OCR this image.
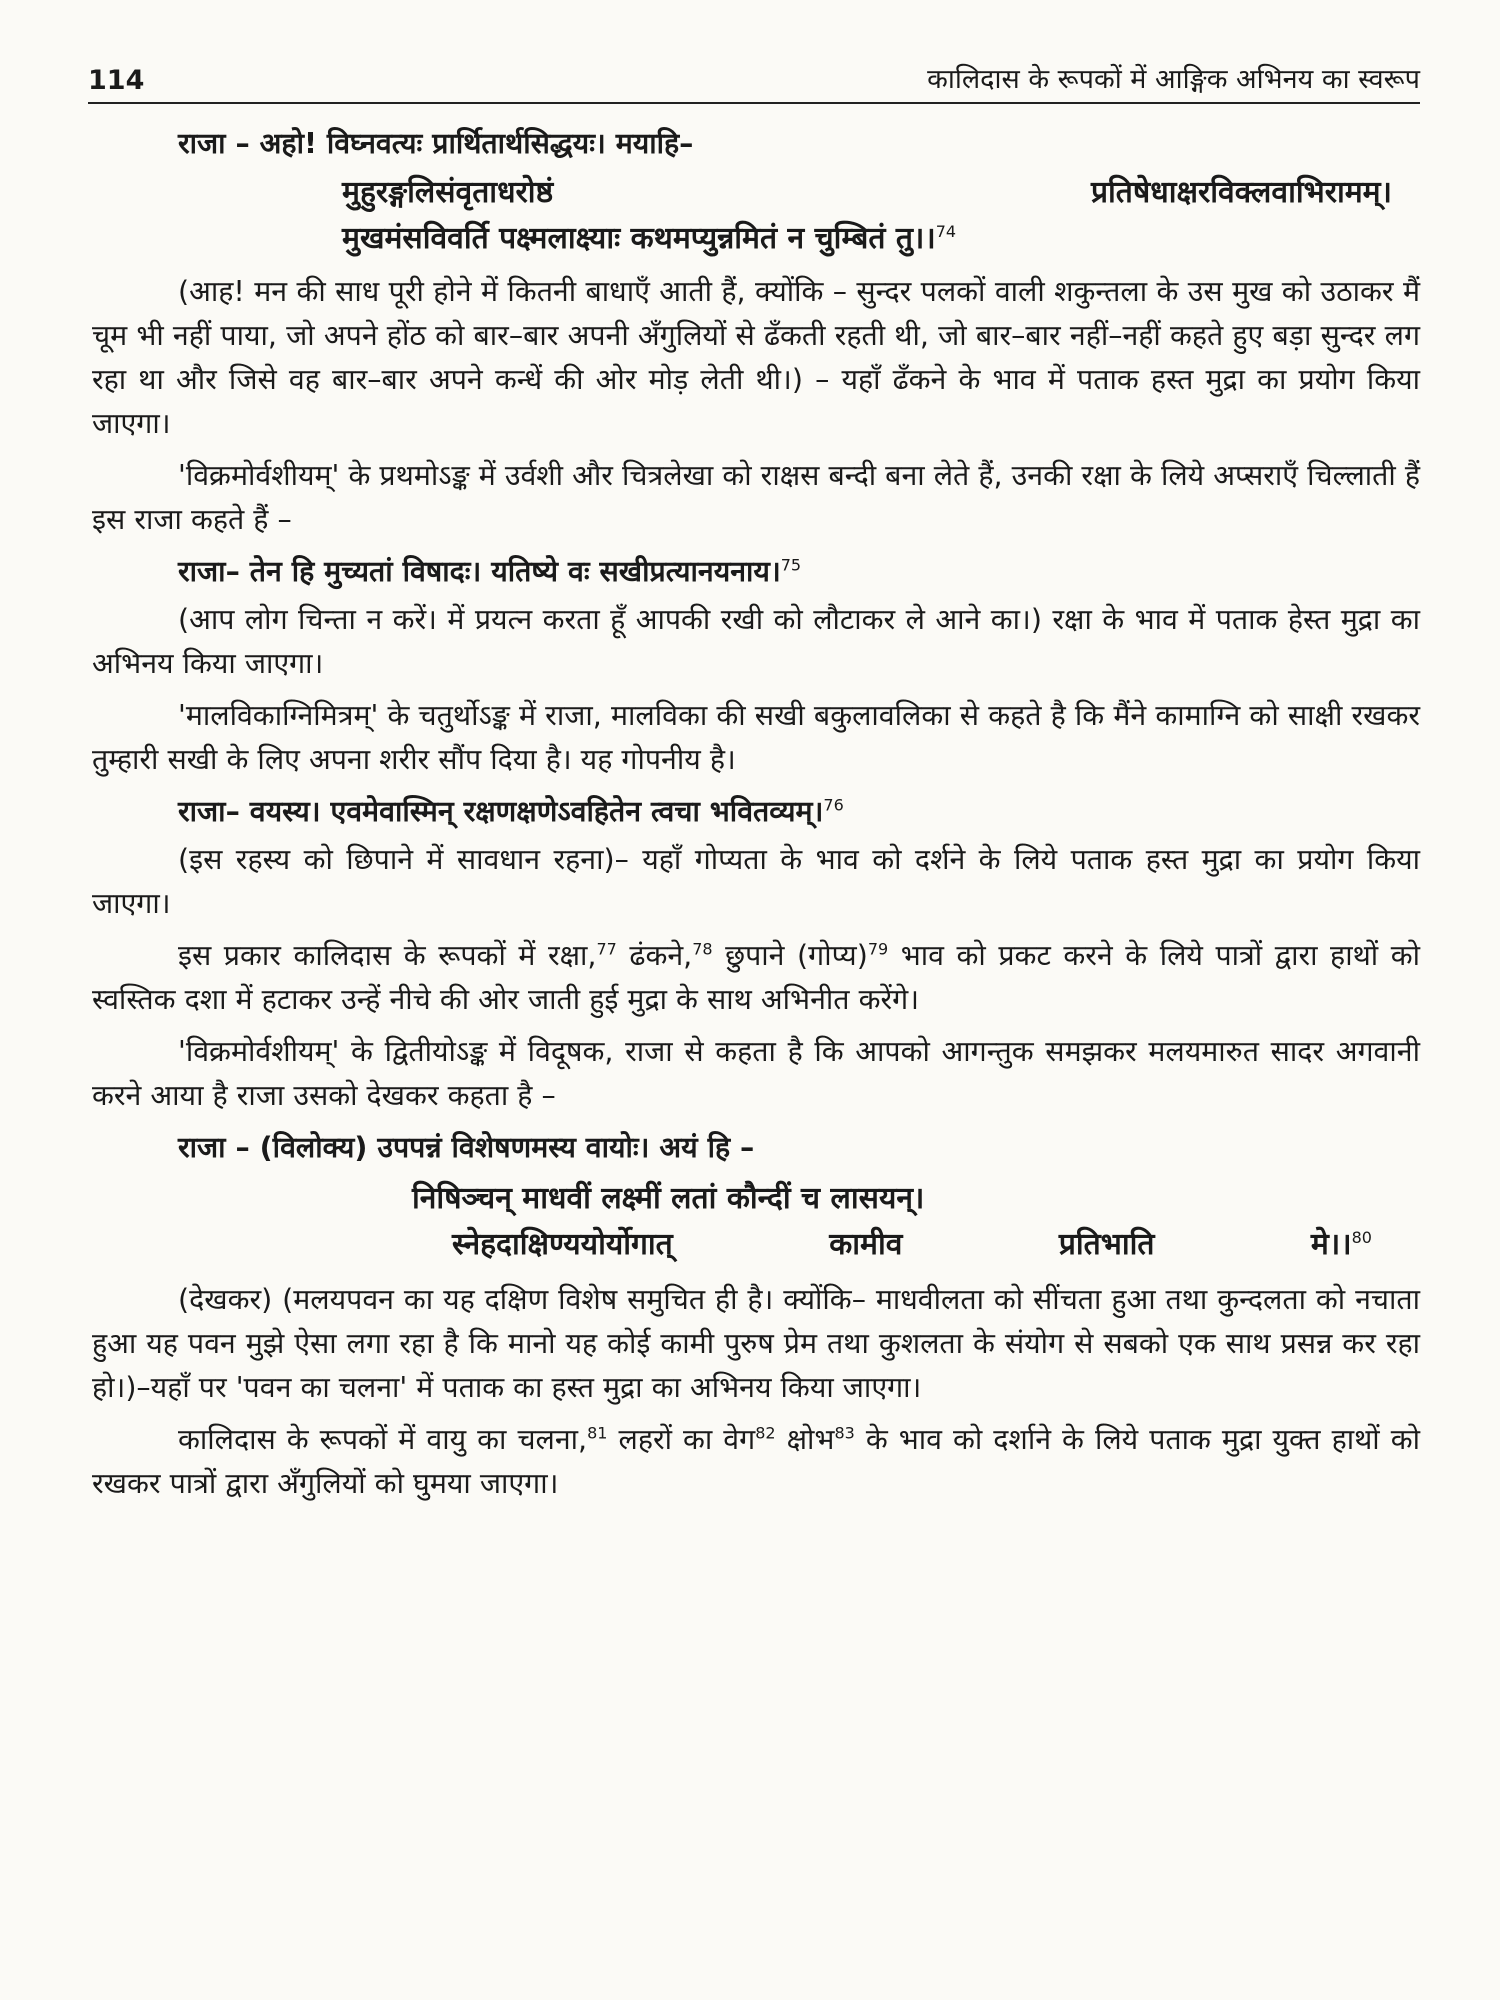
114	कालिदास के रूपकों में आङ्गिक अभिनय का स्वरूप

राजा – अहो! विघ्नवत्यः प्रार्थितार्थसिद्धयः। मयाहि–

मुहुरङ्गलिसंवृताधरोष्ठं	प्रतिषेधाक्षरविक्लवाभिरामम्।
मुखमंसविवर्ति पक्ष्मलाक्ष्याः कथमप्युन्नमितं न चुम्बितं तु।।$^{74}$

(आह! मन की साध पूरी होने में कितनी बाधाएँ आती हैं, क्योंकि – सुन्दर पलकों वाली शकुन्तला के उस मुख को उठाकर मैं चूम भी नहीं पाया, जो अपने होंठ को बार–बार अपनी अँगुलियों से ढँकती रहती थी, जो बार–बार नहीं–नहीं कहते हुए बड़ा सुन्दर लग रहा था और जिसे वह बार–बार अपने कन्धें की ओर मोड़ लेती थी।) – यहाँ ढँकने के भाव में पताक हस्त मुद्रा का प्रयोग किया जाएगा।

'विक्रमोर्वशीयम्' के प्रथमोऽङ्क में उर्वशी और चित्रलेखा को राक्षस बन्दी बना लेते हैं, उनकी रक्षा के लिये अप्सराएँ चिल्लाती हैं इस राजा कहते हैं –

राजा– तेन हि मुच्यतां विषादः। यतिष्ये वः सखीप्रत्यानयनाय।$^{75}$

(आप लोग चिन्ता न करें। में प्रयत्न करता हूँ आपकी रखी को लौटाकर ले आने का।) रक्षा के भाव में पताक हेस्त मुद्रा का अभिनय किया जाएगा।

'मालविकाग्निमित्रम्' के चतुर्थोऽङ्क में राजा, मालविका की सखी बकुलावलिका से कहते है कि मैंने कामाग्नि को साक्षी रखकर तुम्हारी सखी के लिए अपना शरीर सौंप दिया है। यह गोपनीय है।

राजा– वयस्य। एवमेवास्मिन् रक्षणक्षणेऽवहितेन त्वचा भवितव्यम्।$^{76}$

(इस रहस्य को छिपाने में सावधान रहना)– यहाँ गोप्यता के भाव को दर्शने के लिये पताक हस्त मुद्रा का प्रयोग किया जाएगा।

इस प्रकार कालिदास के रूपकों में रक्षा,$^{77}$ ढंकने,$^{78}$ छुपाने (गोप्य)$^{79}$ भाव को प्रकट करने के लिये पात्रों द्वारा हाथों को स्वस्तिक दशा में हटाकर उन्हें नीचे की ओर जाती हुई मुद्रा के साथ अभिनीत करेंगे।

'विक्रमोर्वशीयम्' के द्वितीयोऽङ्क में विदूषक, राजा से कहता है कि आपको आगन्तुक समझकर मलयमारुत सादर अगवानी करने आया है राजा उसको देखकर कहता है –

राजा – (विलोक्य) उपपन्नं विशेषणमस्य वायोः। अयं हि –

निषिञ्चन् माधवीं लक्ष्मीं लतां कौन्दीं च लासयन्।
स्नेहदाक्षिण्ययोर्योगात्	कामीव	प्रतिभाति	मे।।$^{80}$

(देखकर) (मलयपवन का यह दक्षिण विशेष समुचित ही है। क्योंकि– माधवीलता को सींचता हुआ तथा कुन्दलता को नचाता हुआ यह पवन मुझे ऐसा लगा रहा है कि मानो यह कोई कामी पुरुष प्रेम तथा कुशलता के संयोग से सबको एक साथ प्रसन्न कर रहा हो।)–यहाँ पर 'पवन का चलना' में पताक का हस्त मुद्रा का अभिनय किया जाएगा।

कालिदास के रूपकों में वायु का चलना,$^{81}$ लहरों का वेग$^{82}$ क्षोभ$^{83}$ के भाव को दर्शाने के लिये पताक मुद्रा युक्त हाथों को रखकर पात्रों द्वारा अँगुलियों को घुमया जाएगा।
